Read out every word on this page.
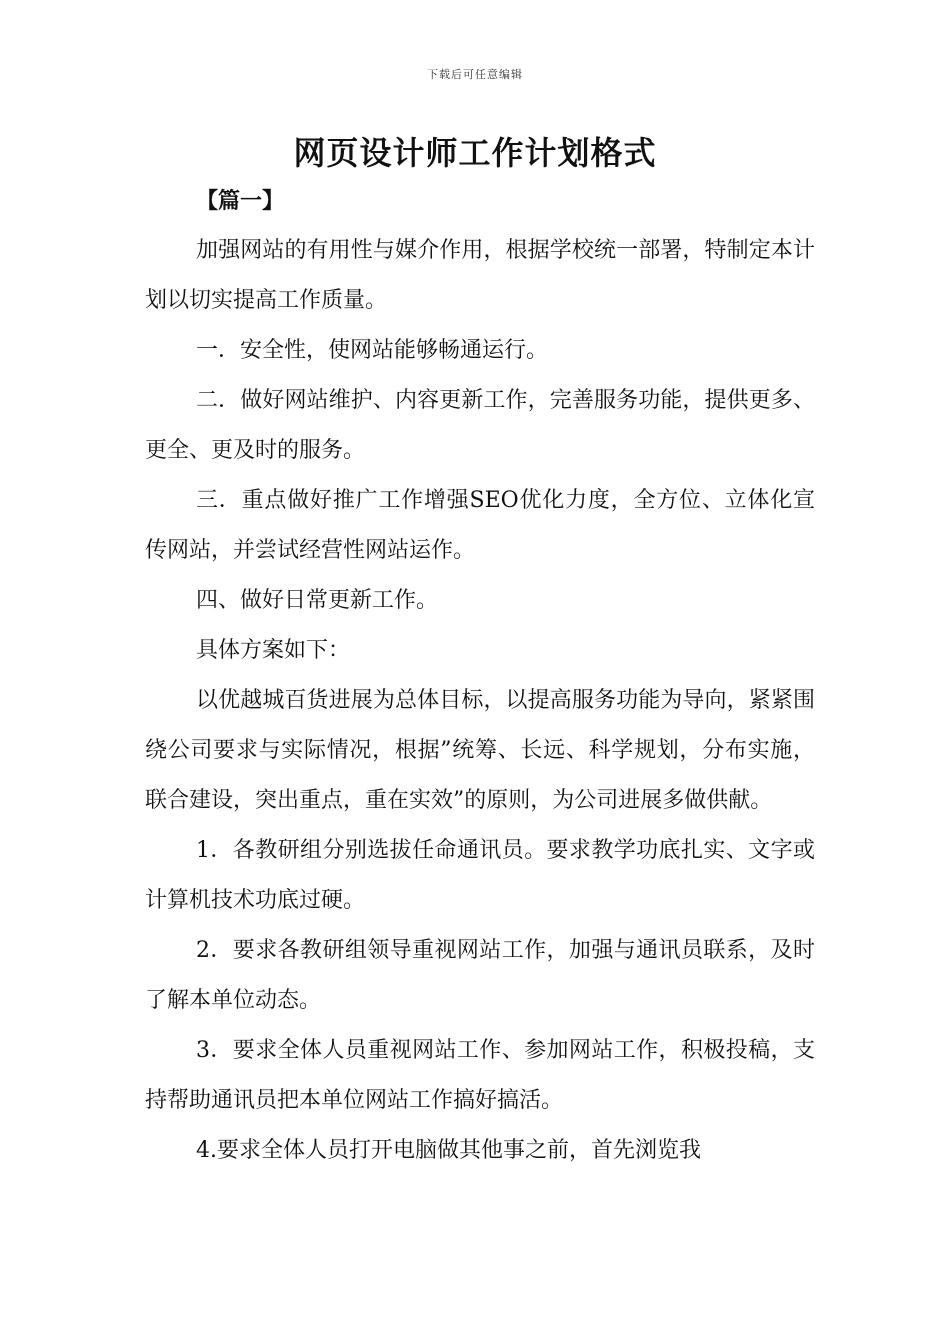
下载后可任意编辑
网页设计师工作计划格式
【篇一】

加强网站的有用性与媒介作用，根据学校统一部署，特制定本计划以切实提高工作质量。

一．安全性，使网站能够畅通运行。

二．做好网站维护、内容更新工作，完善服务功能，提供更多、更全、更及时的服务。

三．重点做好推广工作增强SEO优化力度，全方位、立体化宣传网站，并尝试经营性网站运作。

四、做好日常更新工作。

具体方案如下：

以优越城百货进展为总体目标，以提高服务功能为导向，紧紧围绕公司要求与实际情况，根据”统筹、长远、科学规划，分布实施，联合建设，突出重点，重在实效”的原则，为公司进展多做供献。

1．各教研组分别选拔任命通讯员。要求教学功底扎实、文字或计算机技术功底过硬。

2．要求各教研组领导重视网站工作，加强与通讯员联系，及时了解本单位动态。

3．要求全体人员重视网站工作、参加网站工作，积极投稿，支持帮助通讯员把本单位网站工作搞好搞活。

4.要求全体人员打开电脑做其他事之前，首先浏览我
